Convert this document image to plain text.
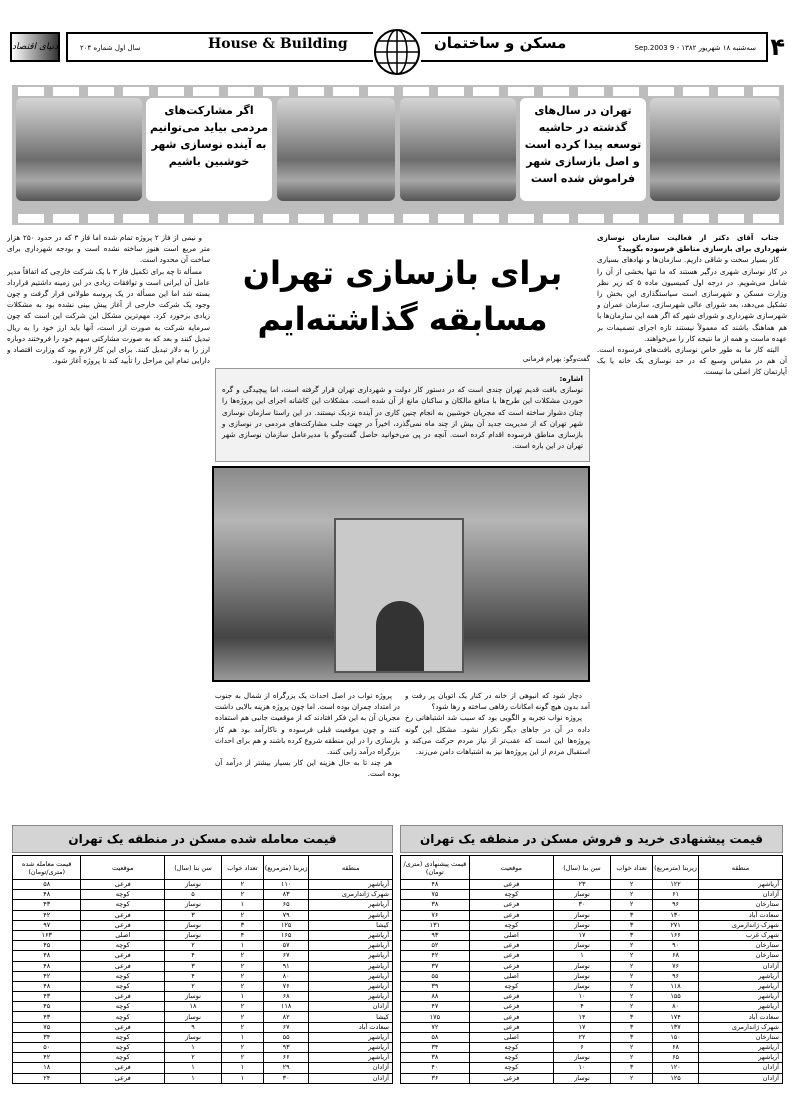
دنیای اقتصاد	سال اول شماره ۲۰۴	House & Building	مسکن و ساختمان	سه‌شنبه ۱۸ شهریور ۱۳۸۲ - 9 Sep.2003 ۴
تهران در سال‌های گذشته در حاشیه توسعه پیدا کرده است و اصل بازسازی شهر فراموش شده است
اگر مشارکت‌های مردمی بیاید می‌توانیم به آینده نوسازی شهر خوشبین باشیم

جناب آقای دکتر از فعالیت سازمان نوسازی شهرداری برای بازسازی مناطق فرسوده بگویید؟

کار بسیار سخت و شاقی داریم. سازمان‌ها و نهادهای بسیاری در کار نوسازی شهری درگیر هستند که ما تنها بخشی از آن را شامل می‌شویم. در درجه اول کمیسیون ماده ۵ که زیر نظر وزارت مسکن و شهرسازی است سیاستگذاری این بخش را تشکیل می‌دهد، بعد شورای عالی شهرسازی، سازمان عمران و شهرسازی شهرداری و شورای شهر که اگر همه این سازمان‌ها با هم هماهنگ باشند که معمولاً نیستند تازه اجرای تصمیمات بر عهده ماست و همه از ما نتیجه کار را می‌خواهند.

البته کار ما به طور خاص نوسازی بافت‌های فرسوده است. آن هم در مقیاس وسیع که در حد نوسازی یک خانه یا یک آپارتمان کار اصلی ما نیست.

و نیمی از فاز ۲ پروژه تمام شده اما فاز ۳ که در حدود ۲۵۰ هزار متر مربع است هنوز ساخته نشده است و بودجه شهرداری برای ساخت آن محدود است.

مسأله تا چه برای تکمیل فاز ۳ با یک شرکت خارجی که اتفاقاً مدیر عامل آن ایرانی است و توافقات زیادی در این زمینه داشتیم قرارداد بسته شد اما این مسأله در یک پروسه طولانی قرار گرفت و چون وجود یک شرکت خارجی از آغاز پیش بینی نشده بود به مشکلات زیادی برخورد کرد. مهم‌ترین مشکل این شرکت این است که چون سرمایه شرکت به صورت ارز است، آنها باید ارز خود را به ریال تبدیل کنند و بعد که به صورت مشارکتی سهم خود را فروختند دوباره ارز را به دلار تبدیل کنند. برای این کار لازم بود که وزارت اقتصاد و دارایی تمام این مراحل را تأیید کند تا پروژه آغاز شود.

برای بازسازی تهران
مسابقه گذاشته‌ایم
گفت‌وگو: بهرام فرمانی
اشاره:
نوسازی بافت قدیم تهران چندی است که در دستور کار دولت و شهرداری تهران قرار گرفته است، اما پیچیدگی و گره خوردن مشکلات این طرح‌ها با منافع مالکان و ساکنان مانع از آن شده است. مشکلات این کاشانه اجرای این پروژه‌ها را چنان دشوار ساخته است که مجریان خوشبین به انجام چنین کاری در آینده نزدیک نیستند. در این راستا سازمان نوسازی شهر تهران که از مدیریت جدید آن بیش از چند ماه نمی‌گذرد، اخیراً در جهت جلب مشارکت‌های مردمی در نوسازی و بازسازی مناطق فرسوده اقدام کرده است. آنچه در پی می‌خوانید حاصل گفت‌وگو با مدیرعامل سازمان نوسازی شهر تهران در این باره است.

دچار شود که انبوهی از خانه در کنار یک اتوبان پر رفت و آمد بدون هیچ گونه امکانات رفاهی ساخته و رها شود؟

پروژه نواب تجربه و الگویی بود که سبب شد اشتباهاتی رخ داده در آن در جاهای دیگر تکرار نشود. مشکل این گونه پروژه‌ها این است که عقب‌تر از نیاز مردم حرکت می‌کند و استقبال مردم از این پروژه‌ها نیز به اشتباهات دامن می‌زند.

پروژه نواب در اصل احداث یک بزرگراه از شمال به جنوب در امتداد چمران بوده است. اما چون پروژه هزینه بالایی داشت مجریان آن به این فکر افتادند که از موقعیت جانبی هم استفاده کنند و چون موقعیت قبلی فرسوده و ناکارآمد بود هم کار بازسازی را در این منطقه شروع کرده باشند و هم برای احداث بزرگراه درآمد زایی کنند.

هر چند تا به حال هزینه این کار بسیار بیشتر از درآمد آن بوده است.

قیمت پیشنهادی خرید و فروش مسکن در منطقه یک تهران
منطقه	زیربنا (مترمربع)	تعداد خواب	سن بنا (سال)	موقعیت	قیمت پیشنهادی (متری/تومان)
آریاشهر	۱۲۲	۲	۲۳	فرعی	۴۸
آزادان	۶۱	۲	نوساز	کوچه	۷۵
ستارخان	۹۶	۲	۳۰	فرعی	۳۸
سعادت آباد	۱۳۰	۳	نوساز	فرعی	۷۶
شهرک ژاندارمری	۲۷۱	۳	نوساز	کوچه	۱۳۱
شهرک غرب	۱۶۶	۳	۱۷	اصلی	۹۳
ستارخان	۹۰	۲	نوساز	فرعی	۵۲
ستارخان	۶۸	۲	۱	فرعی	۴۲
آزادان	۷۶	۲	نوساز	فرعی	۳۷
آریاشهر	۹۶	۲	نوساز	اصلی	۵۵
آریاشهر	۱۱۸	۲	نوساز	کوچه	۳۹
آریاشهر	۱۵۵	۲	۱۰	فرعی	۸۸
آریاشهر	۸۰	۲	۴	فرعی	۴۷
سعادت آباد	۱۷۴	۳	۱۴	فرعی	۱۷۵
شهرک ژاندارمری	۱۳۷	۳	۱۷	فرعی	۷۲
ستارخان	۱۵۰	۳	۲۲	اصلی	۵۸
آریاشهر	۶۸	۲	۶	کوچه	۳۴
آریاشهر	۶۵	۲	نوساز	کوچه	۳۸
آزادان	۱۲۰	۳	۱۰	کوچه	۴۰
آزادان	۱۲۵	۲	نوساز	فرعی	۳۶
قیمت معامله شده مسکن در منطقه یک تهران
منطقه	زیربنا (مترمربع)	تعداد خواب	سن بنا (سال)	موقعیت	قیمت معامله شده (متری/تومان)
آریاشهر	۱۱۰	۲	نوساز	فرعی	۵۸
شهرک ژاندارمری	۸۳	۲	۵	کوچه	۴۸
آریاشهر	۶۵	۱	نوساز	کوچه	۴۳
آریاشهر	۷۹	۲	۳	فرعی	۴۲
کیشا	۱۲۵	۳	نوساز	فرعی	۹۷
آریاشهر	۱۶۵	۴	نوساز	اصلی	۱۶۳
آریاشهر	۵۷	۱	۲	کوچه	۴۵
آریاشهر	۶۷	۲	۴	فرعی	۴۸
آریاشهر	۹۱	۲	۳	فرعی	۴۸
آریاشهر	۸۰	۲	۴	کوچه	۴۲
آریاشهر	۷۶	۲	۲	کوچه	۴۸
آریاشهر	۶۸	۱	نوساز	فرعی	۴۳
آزادان	۱۱۸	۲	۱۸	کوچه	۴۵
کیشا	۸۲	۲	نوساز	کوچه	۴۳
سعادت آباد	۶۷	۲	۹	فرعی	۷۵
آریاشهر	۵۵	۱	نوساز	کوچه	۳۴
آریاشهر	۹۳	۲	۱	کوچه	۵۰
آریاشهر	۶۶	۲	۲	کوچه	۴۲
آزادان	۲۹	۱	۱	فرعی	۱۸
آزادان	۳۰	۱	۱	فرعی	۲۴
